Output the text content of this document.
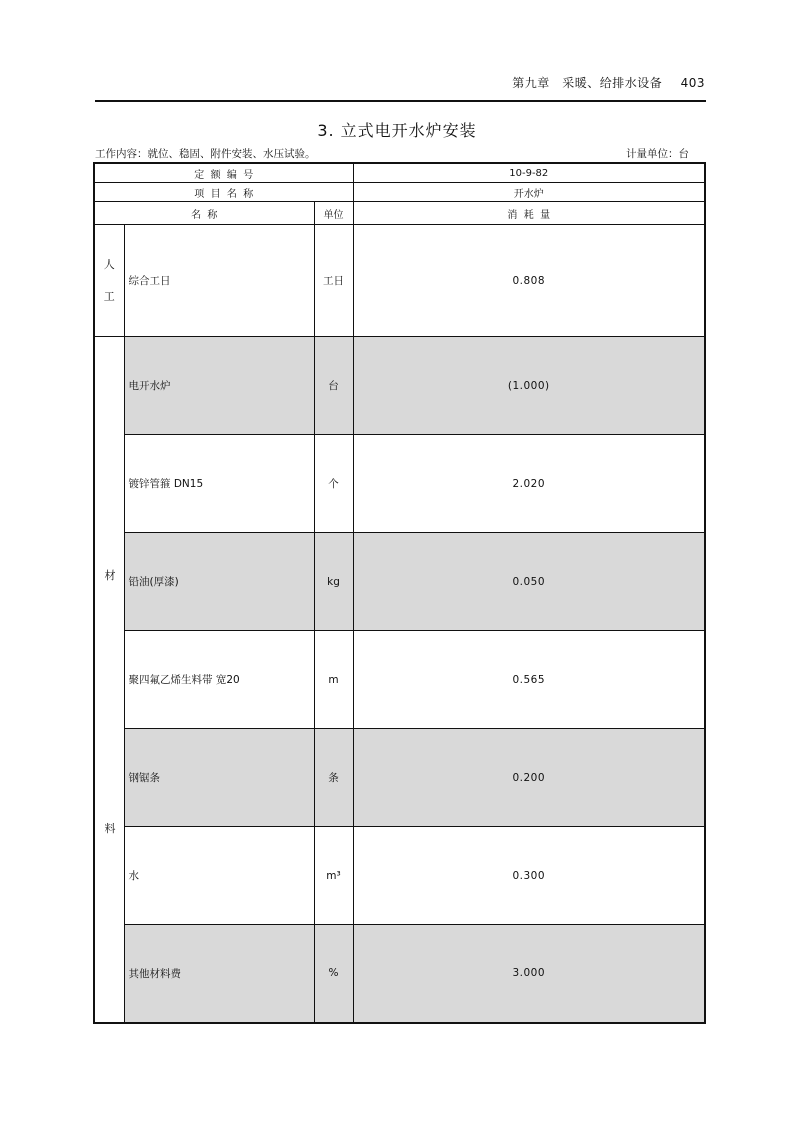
第九章　采暖、给排水设备 403
3. 立式电开水炉安装
工作内容：就位、稳固、附件安装、水压试验。	计量单位：台
定  额  编  号			10-9-82
项  目  名  称			开水炉
名  称		单位	消  耗  量

人
工	综合工日	工日	0.808

材
料	电开水炉	台	(1.000)
	镀锌管箍 DN15	个	2.020
	铅油(厚漆)	kg	0.050
	聚四氟乙烯生料带 宽20	m	0.565
	钢锯条	条	0.200
	水	m³	0.300
	其他材料费	%	3.000
